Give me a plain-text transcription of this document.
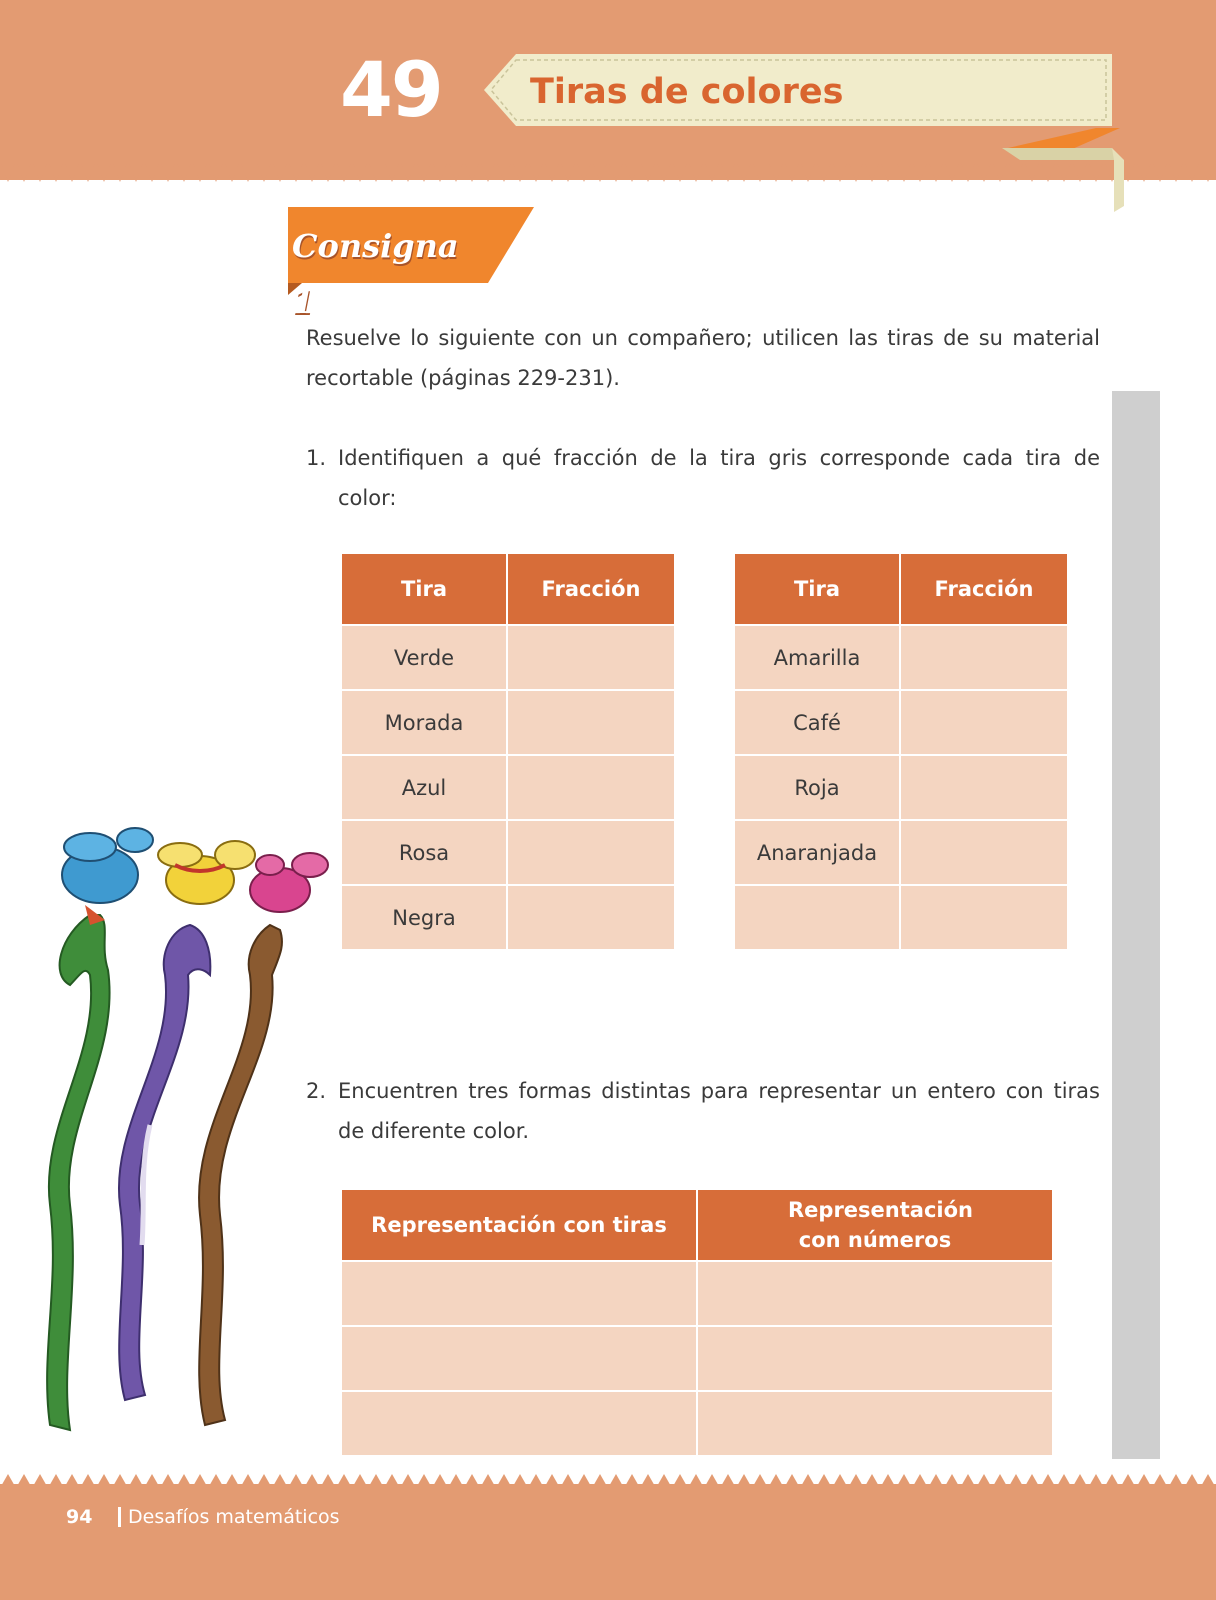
49	Tiras de colores
Consigna 1
Resuelve lo siguiente con un compañero; utilicen las tiras de su material recortable (páginas 229-231).
1. Identifiquen a qué fracción de la tira gris corresponde cada tira de color:
Tira	Fracción
Verde	
Morada	
Azul	
Rosa	
Negra	
Tira	Fracción
Amarilla	
Café	
Roja	
Anaranjada	

2. Encuentren tres formas distintas para representar un entero con tiras de diferente color.
Representación con tiras	Representación con números

94	Desafíos matemáticos
